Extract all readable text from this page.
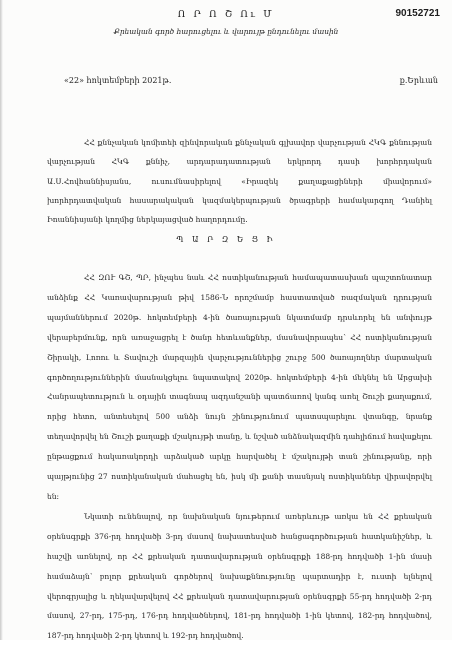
Ո Ր Ո Շ Ու Մ	90152721
Քրեական գործ հարուցելու և վարույթ ընդունելու մասին
«22» հոկտեմբերի 2021թ.	ք.Երևան
ՀՀ քննչական կոմիտեի զինվորական քննչական գլխավոր վարչության ՀԿԳ քննության վարչության ՀԿԳ քննիչ, արդարադատության երկրորդ դասի խորհրդական Ա.Ս.Հովհաննիսյանս, ուսումնասիրելով «Իրազեկ քաղաքացիների միավորում» խորհրդատվական հասարակական կազմակերպության ծրագրերի համակարգող Դանիել Իոաննիսյանի կողմից ներկայացված հաղորդումը.
Պ Ա Ր Զ Ե Ց Ի

ՀՀ ԶՈՒ ԳՇ, ՊՐ, ինչպես նաև ՀՀ ոստիկանության համապատասխան պաշտոնատար անձինք ՀՀ Կառավարության թիվ 1586-Ն որոշմամբ հաստատված ռազմական դրության պայմաններում 2020թ. հոկտեմբերի 4-ին ծառայության նկատմամբ դրսևորել են անփույթ վերաբերմունք, որն առաջացրել է ծանր հետևանքներ, մասնավորապես՝ ՀՀ ոստիկանության Շիրակի, Լոռու և Տավուշի մարզային վարչություններից շուրջ 500 ծառայողներ մարտական գործողություններին մասնակցելու նպատակով 2020թ. հոկտեմբերի 4-ին մեկնել են Արցախի Հանրապետություն և օդային տագնապ ազդանշանի պատճառով կանգ առել Շուշի քաղաքում, որից հետո, անտեսելով 500 անձի նույն շինությունում պատսպարելու վտանգը, նրանք տեղավորվել են Շուշի քաղաքի մշակույթի տանը, և նշված անձնակազմին դահլիճում հավաքելու ընթացքում հակառակորդի արձակած արկը հարվածել է մշակույթի տան շինությանը, որի պայթյունից 27 ոստիկանական մահացել են, իսկ մի քանի տասնյակ ոստիկաններ վիրավորվել են:

Նկատի ունենալով, որ նախնական նյութերում առերևույթ առկա են ՀՀ քրեական օրենսգրքի 376-րդ հոդվածի 3-րդ մասով նախատեսված հանցագործության հատկանիշներ, և հաշվի առնելով, որ ՀՀ քրեական դատավարության օրենսգրքի 188-րդ հոդվածի 1-ին մասի համաձայն՝ բոլոր քրեական գործերով նախաքննությունը պարտադիր է, ուստի ելնելով վերոգրյալից և ղեկավարվելով ՀՀ քրեական դատավարության օրենսգրքի 55-րդ հոդվածի 2-րդ մասով, 27-րդ, 175-րդ, 176-րդ հոդվածներով, 181-րդ հոդվածի 1-ին կետով, 182-րդ հոդվածով, 187-րդ հոդվածի 2-րդ կետով և 192-րդ հոդվածով.
